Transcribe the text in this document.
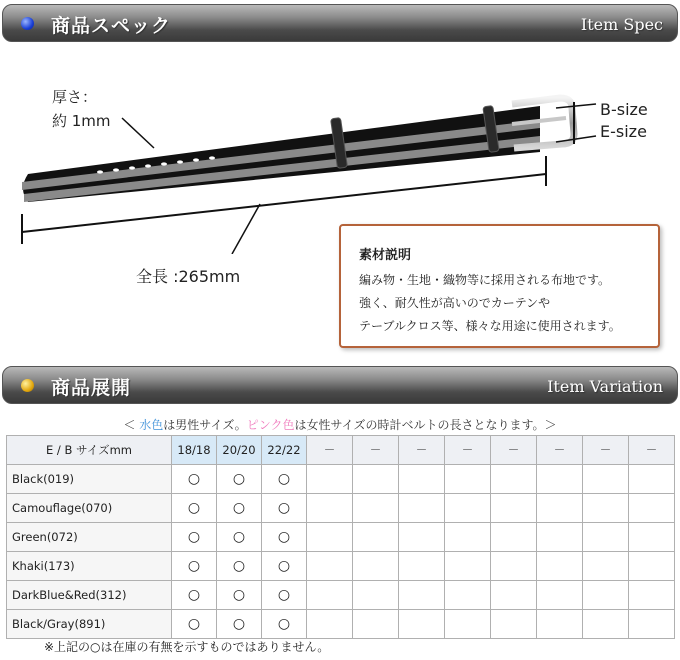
商品スペック	Item Spec
厚さ：
約 1mm
B-size
E-size
全長 :265mm
素材説明

編み物・生地・織物等に採用される布地です。

強く、耐久性が高いのでカーテンや

テーブルクロス等、様々な用途に使用されます。

商品展開	Item Variation
＜ 水色は男性サイズ。ピンク色は女性サイズの時計ベルトの長さとなります。＞
E / B サイズmm	18/18	20/20	22/22	－	－	－	－	－	－	－	－
Black(019)	○	○	○								
Camouflage(070)	○	○	○								
Green(072)	○	○	○								
Khaki(173)	○	○	○								
DarkBlue&Red(312)	○	○	○								
Black/Gray(891)	○	○	○								
※上記の○は在庫の有無を示すものではありません。
